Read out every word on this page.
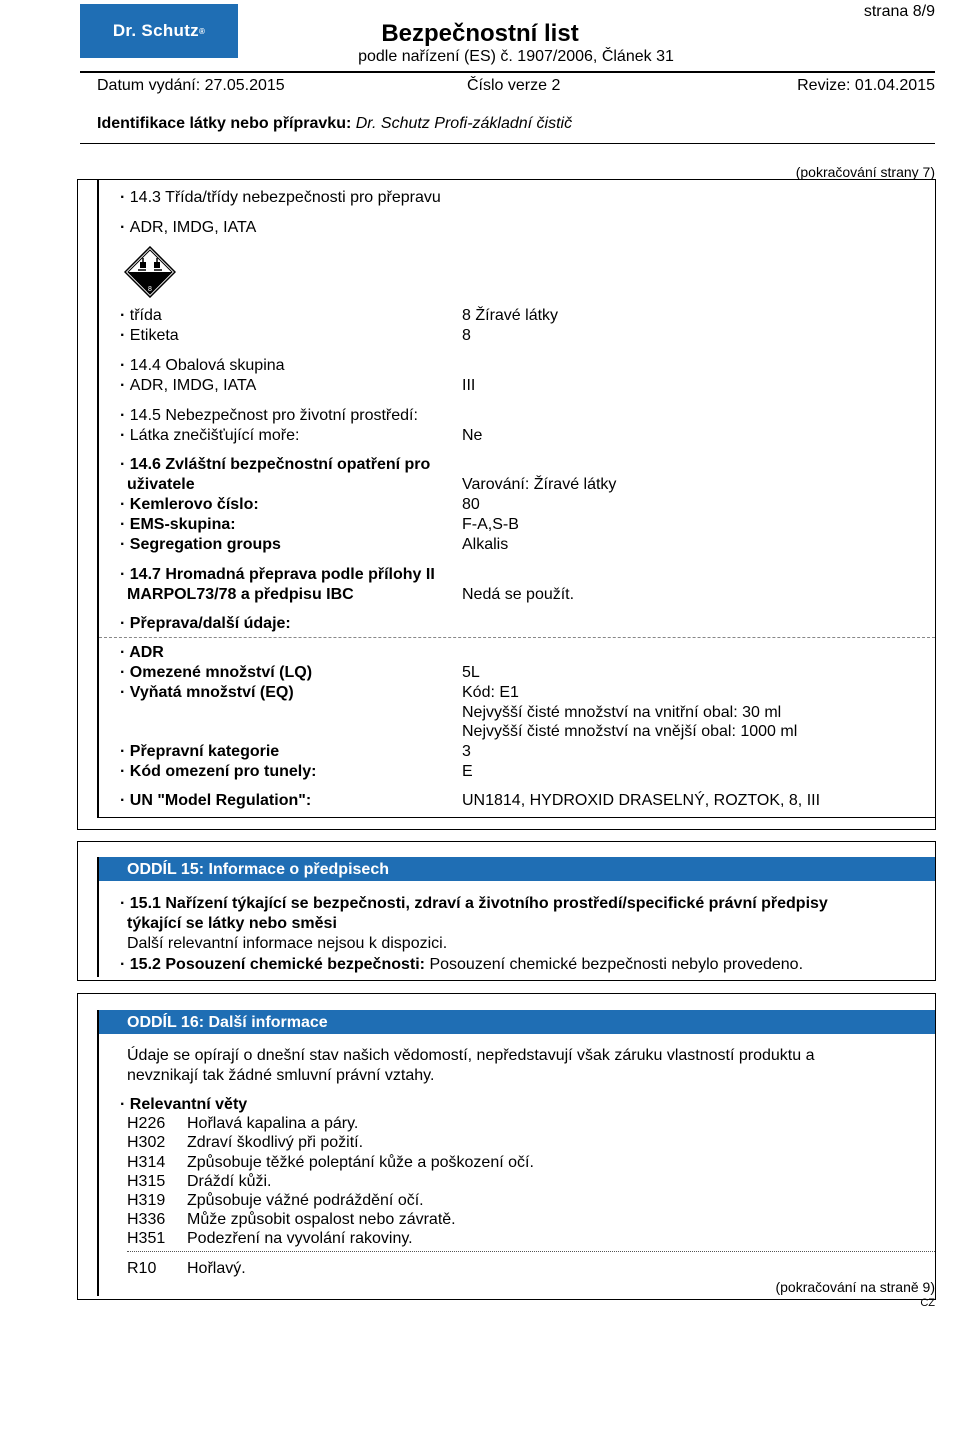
Dr. Schutz ®	Bezpečnostní list
podle nařízení (ES) č. 1907/2006, Článek 31
strana 8/9
Datum vydání: 27.05.2015	Číslo verze 2	Revize: 01.04.2015
Identifikace látky nebo přípravku: Dr. Schutz Profi-základní čistič
(pokračování strany 7)
· 14.3 Třída/třídy nebezpečnosti pro přepravu
· ADR, IMDG, IATA
8
· třída	8 Žíravé látky
· Etiketa	8
· 14.4 Obalová skupina
· ADR, IMDG, IATA	III
· 14.5 Nebezpečnost pro životní prostředí:
· Látka znečišťující moře:	Ne
· 14.6 Zvláštní bezpečnostní opatření pro
uživatele	Varování: Žíravé látky
· Kemlerovo číslo:	80
· EMS-skupina:	F-A,S-B
· Segregation groups	Alkalis
· 14.7 Hromadná přeprava podle přílohy II
MARPOL73/78 a předpisu IBC	Nedá se použít.
· Přeprava/další údaje:
· ADR
· Omezené množství (LQ)	5L
· Vyňatá množství (EQ)	Kód: E1
Nejvyšší čisté množství na vnitřní obal: 30 ml
Nejvyšší čisté množství na vnější obal: 1000 ml
· Přepravní kategorie	3
· Kód omezení pro tunely:	E
· UN "Model Regulation":	UN1814, HYDROXID DRASELNÝ, ROZTOK, 8, III
ODDÍL 15: Informace o předpisech
· 15.1 Nařízení týkající se bezpečnosti, zdraví a životního prostředí/specifické právní předpisy
týkající se látky nebo směsi
Další relevantní informace nejsou k dispozici.
· 15.2 Posouzení chemické bezpečnosti: Posouzení chemické bezpečnosti nebylo provedeno.
ODDÍL 16: Další informace
Údaje se opírají o dnešní stav našich vědomostí, nepředstavují však záruku vlastností produktu a
nevznikají tak žádné smluvní právní vztahy.
· Relevantní věty
H226 Hořlavá kapalina a páry.
H302 Zdraví škodlivý při požití.
H314 Způsobuje těžké poleptání kůže a poškození očí.
H315 Dráždí kůži.
H319 Způsobuje vážné podráždění očí.
H336 Může způsobit ospalost nebo závratě.
H351 Podezření na vyvolání rakoviny.
R10 Hořlavý.
(pokračování na straně 9)
CZ
